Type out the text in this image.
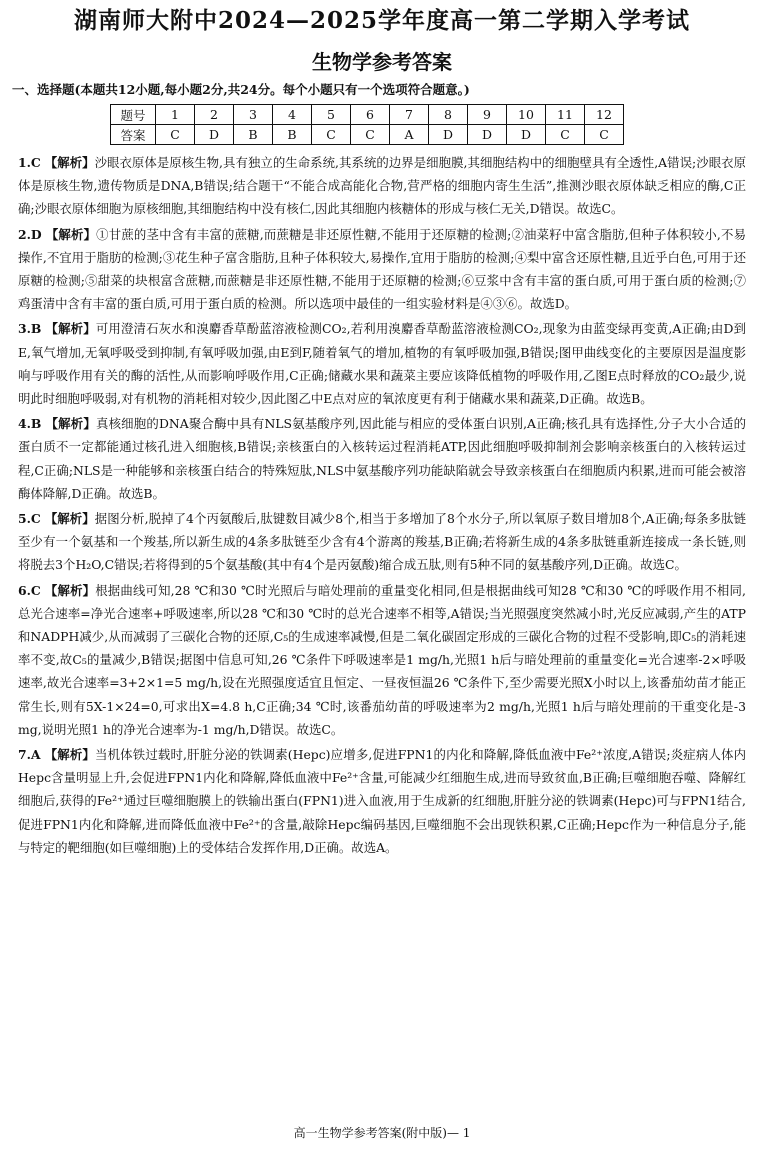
湖南师大附中2024—2025学年度高一第二学期入学考试
生物学参考答案
一、选择题(本题共12小题,每小题2分,共24分。每个小题只有一个选项符合题意。)
题号	1	2	3	4	5	6	7	8	9	10	11	12
答案	C	D	B	B	C	C	A	D	D	D	C	C
1.C 【解析】沙眼衣原体是原核生物,具有独立的生命系统,其系统的边界是细胞膜,其细胞结构中的细胞壁具有全透性,A错误;沙眼衣原体是原核生物,遗传物质是DNA,B错误;结合题干“不能合成高能化合物,营严格的细胞内寄生生活”,推测沙眼衣原体缺乏相应的酶,C正确;沙眼衣原体细胞为原核细胞,其细胞结构中没有核仁,因此其细胞内核糖体的形成与核仁无关,D错误。故选C。
2.D 【解析】①甘蔗的茎中含有丰富的蔗糖,而蔗糖是非还原性糖,不能用于还原糖的检测;②油菜籽中富含脂肪,但种子体积较小,不易操作,不宜用于脂肪的检测;③花生种子富含脂肪,且种子体积较大,易操作,宜用于脂肪的检测;④梨中富含还原性糖,且近乎白色,可用于还原糖的检测;⑤甜菜的块根富含蔗糖,而蔗糖是非还原性糖,不能用于还原糖的检测;⑥豆浆中含有丰富的蛋白质,可用于蛋白质的检测;⑦鸡蛋清中含有丰富的蛋白质,可用于蛋白质的检测。所以选项中最佳的一组实验材料是④③⑥。故选D。
3.B 【解析】可用澄清石灰水和溴麝香草酚蓝溶液检测CO₂,若利用溴麝香草酚蓝溶液检测CO₂,现象为由蓝变绿再变黄,A正确;由D到E,氧气增加,无氧呼吸受到抑制,有氧呼吸加强,由E到F,随着氧气的增加,植物的有氧呼吸加强,B错误;图甲曲线变化的主要原因是温度影响与呼吸作用有关的酶的活性,从而影响呼吸作用,C正确;储藏水果和蔬菜主要应该降低植物的呼吸作用,乙图E点时释放的CO₂最少,说明此时细胞呼吸弱,对有机物的消耗相对较少,因此图乙中E点对应的氧浓度更有利于储藏水果和蔬菜,D正确。故选B。
4.B 【解析】真核细胞的DNA聚合酶中具有NLS氨基酸序列,因此能与相应的受体蛋白识别,A正确;核孔具有选择性,分子大小合适的蛋白质不一定都能通过核孔进入细胞核,B错误;亲核蛋白的入核转运过程消耗ATP,因此细胞呼吸抑制剂会影响亲核蛋白的入核转运过程,C正确;NLS是一种能够和亲核蛋白结合的特殊短肽,NLS中氨基酸序列功能缺陷就会导致亲核蛋白在细胞质内积累,进而可能会被溶酶体降解,D正确。故选B。
5.C 【解析】据图分析,脱掉了4个丙氨酸后,肽键数目减少8个,相当于多增加了8个水分子,所以氧原子数目增加8个,A正确;每条多肽链至少有一个氨基和一个羧基,所以新生成的4条多肽链至少含有4个游离的羧基,B正确;若将新生成的4条多肽链重新连接成一条长链,则将脱去3个H₂O,C错误;若将得到的5个氨基酸(其中有4个是丙氨酸)缩合成五肽,则有5种不同的氨基酸序列,D正确。故选C。
6.C 【解析】根据曲线可知,28 ℃和30 ℃时光照后与暗处理前的重量变化相同,但是根据曲线可知28 ℃和30 ℃的呼吸作用不相同,总光合速率=净光合速率+呼吸速率,所以28 ℃和30 ℃时的总光合速率不相等,A错误;当光照强度突然减小时,光反应减弱,产生的ATP和NADPH减少,从而减弱了三碳化合物的还原,C₅的生成速率减慢,但是二氧化碳固定形成的三碳化合物的过程不受影响,即C₅的消耗速率不变,故C₅的量减少,B错误;据图中信息可知,26 ℃条件下呼吸速率是1 mg/h,光照1 h后与暗处理前的重量变化=光合速率-2×呼吸速率,故光合速率=3+2×1=5 mg/h,设在光照强度适宜且恒定、一昼夜恒温26 ℃条件下,至少需要光照X小时以上,该番茄幼苗才能正常生长,则有5X-1×24=0,可求出X=4.8 h,C正确;34 ℃时,该番茄幼苗的呼吸速率为2 mg/h,光照1 h后与暗处理前的干重变化是-3 mg,说明光照1 h的净光合速率为-1 mg/h,D错误。故选C。
7.A 【解析】当机体铁过载时,肝脏分泌的铁调素(Hepc)应增多,促进FPN1的内化和降解,降低血液中Fe²⁺浓度,A错误;炎症病人体内Hepc含量明显上升,会促进FPN1内化和降解,降低血液中Fe²⁺含量,可能减少红细胞生成,进而导致贫血,B正确;巨噬细胞吞噬、降解红细胞后,获得的Fe²⁺通过巨噬细胞膜上的铁输出蛋白(FPN1)进入血液,用于生成新的红细胞,肝脏分泌的铁调素(Hepc)可与FPN1结合,促进FPN1内化和降解,进而降低血液中Fe²⁺的含量,敲除Hepc编码基因,巨噬细胞不会出现铁积累,C正确;Hepc作为一种信息分子,能与特定的靶细胞(如巨噬细胞)上的受体结合发挥作用,D正确。故选A。
高一生物学参考答案(附中版)— 1
